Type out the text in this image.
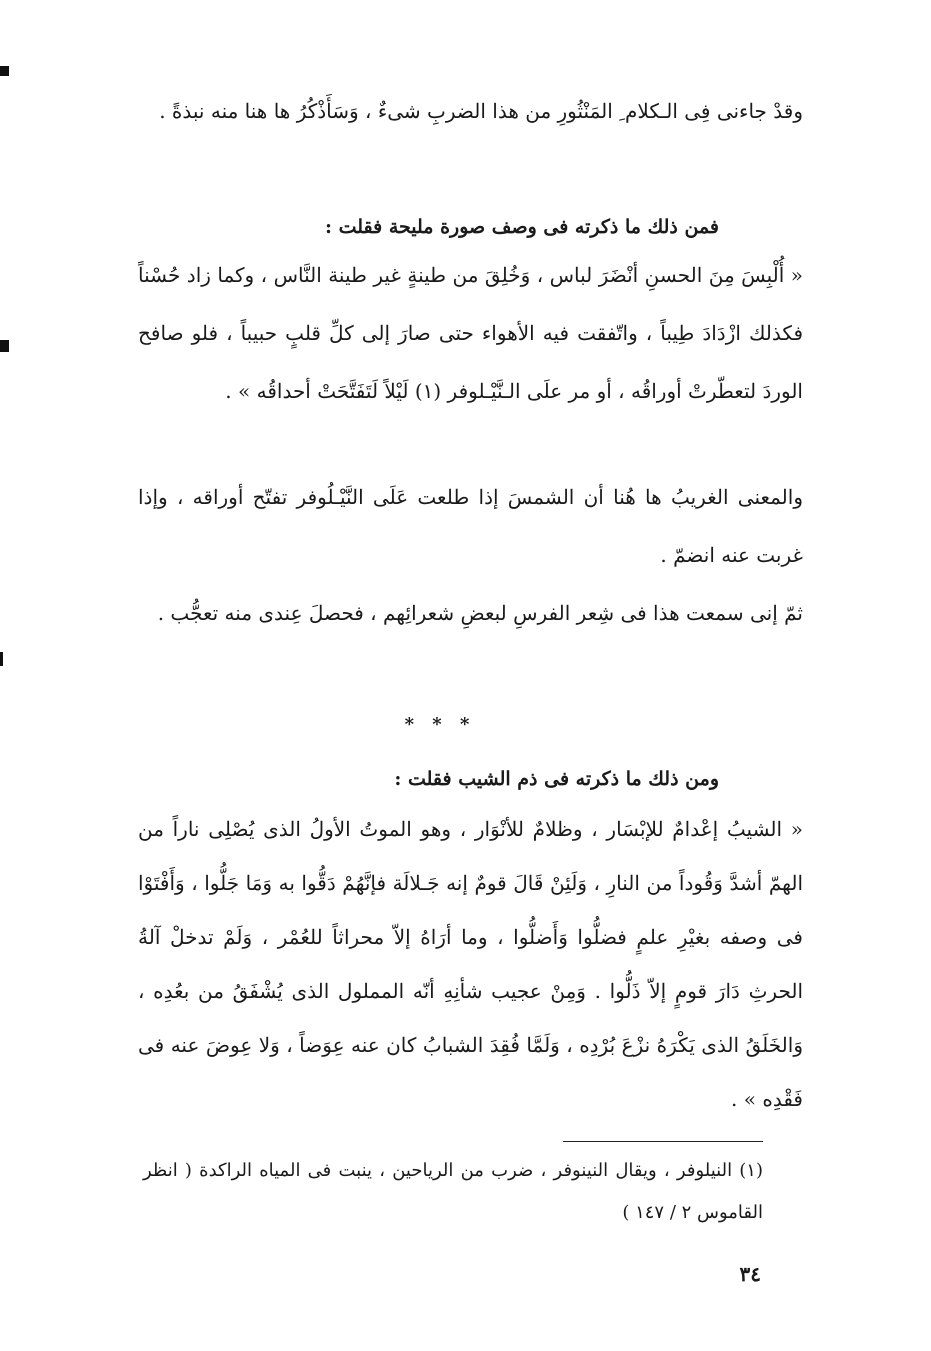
وقدْ جاءنى فِى الـكلام ِ المَنْثُورِ من هذا الضربِ شىءٌ ، وَسَأَذْكُرُ ها هنا منه نبذةً .

فمن ذلك ما ذكرته فى وصف صورة مليحة فقلت :

« أُلْبِسَ مِنَ الحسنِ أنْضَرَ لباس ، وَخُلِقَ من طينةٍ غير طينة النَّاس ، وكما زاد حُسْناً فكذلك ازْدَادَ طِيباً ، واتّفقت فيه الأهواء حتى صارَ إلى كلِّ قلبٍ حبيباً ، فلو صافح الوردَ لتعطّرتْ أوراقُه ، أو مر علَى الـنَّيْـلوفر (١) لَيْلاً لَتَفَتَّحَتْ أحداقُه » .

والمعنى الغريبُ ها هُنا أن الشمسَ إذا طلعت عَلَى النَّيْـلُوفر تفتّح أوراقه ، وإذا غربت عنه انضمّ .

ثمّ إنى سمعت هذا فى شِعر الفرسِ لبعضِ شعرائِهم ، فحصلَ عِندى منه تعجُّب .

* * *
ومن ذلك ما ذكرته فى ذم الشيب فقلت :

« الشيبُ إعْدامٌ للإبْسَار ، وظلامٌ للأنْوَار ، وهو الموتُ الأولُ الذى يُصْلِى ناراً من الهمّ أشدَّ وَقُوداً من النارِ ، وَلَئِنْ قَالَ قومٌ إنه جَـلالَة فإنَّهُمْ دَقُّوا به وَمَا جَلُّوا ، وَأَفْتَوْا فى وصفه بغيْرِ علمٍ فضلُّوا وَأَضلُّوا ، وما أرَاهُ إلاّ محراثاً للعُمْر ، وَلَمْ تدخلْ آلةُ الحرثِ دَارَ قومٍ إلاّ ذَلُّوا . وَمِنْ عجيب شأنِهِ أنّه المملول الذى يُشْفَقُ من بعُدِه ، وَالخَلَقُ الذى يَكْرَهُ نزْعَ بُرْدِه ، وَلَمَّا فُقِدَ الشبابُ كان عنه عِوَضاً ، وَلا عِوضَ عنه فى فَقْدِه » .

(١) النيلوفر ، ويقال النينوفر ، ضرب من الرياحين ، ينبت فى المياه الراكدة ( انظر القاموس ٢ / ١٤٧ )

٣٤
